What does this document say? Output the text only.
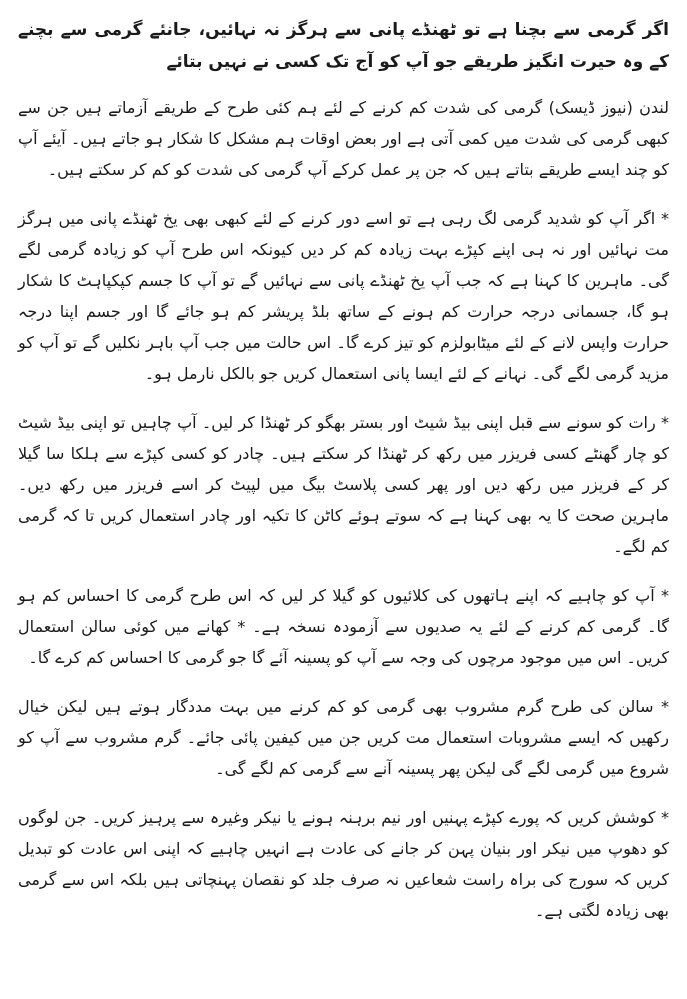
اگر گرمی سے بچنا ہے تو ٹھنڈے پانی سے ہرگز نہ نہائیں، جانئے گرمی سے بچنے کے وہ حیرت انگیز طریقے جو آپ کو آج تک کسی نے نہیں بتائے

لندن (نیوز ڈیسک) گرمی کی شدت کم کرنے کے لئے ہم کئی طرح کے طریقے آزماتے ہیں جن سے کبھی گرمی کی شدت میں کمی آتی ہے اور بعض اوقات ہم مشکل کا شکار ہو جاتے ہیں۔ آیئے آپ کو چند ایسے طریقے بتاتے ہیں کہ جن پر عمل کرکے آپ گرمی کی شدت کو کم کر سکتے ہیں۔

* اگر آپ کو شدید گرمی لگ رہی ہے تو اسے دور کرنے کے لئے کبھی بھی یخ ٹھنڈے پانی میں ہرگز مت نہائیں اور نہ ہی اپنے کپڑے بہت زیادہ کم کر دیں کیونکہ اس طرح آپ کو زیادہ گرمی لگے گی۔ ماہرین کا کہنا ہے کہ جب آپ یخ ٹھنڈے پانی سے نہائیں گے تو آپ کا جسم کپکپاہٹ کا شکار ہو گا، جسمانی درجہ حرارت کم ہونے کے ساتھ بلڈ پریشر کم ہو جائے گا اور جسم اپنا درجہ حرارت واپس لانے کے لئے میٹابولزم کو تیز کرے گا۔ اس حالت میں جب آپ باہر نکلیں گے تو آپ کو مزید گرمی لگے گی۔ نہانے کے لئے ایسا پانی استعمال کریں جو بالکل نارمل ہو۔

* رات کو سونے سے قبل اپنی بیڈ شیٹ اور بستر بھگو کر ٹھنڈا کر لیں۔ آپ چاہیں تو اپنی بیڈ شیٹ کو چار گھنٹے کسی فریزر میں رکھ کر ٹھنڈا کر سکتے ہیں۔ چادر کو کسی کپڑے سے ہلکا سا گیلا کر کے فریزر میں رکھ دیں اور پھر کسی پلاسٹ بیگ میں لپیٹ کر اسے فریزر میں رکھ دیں۔ ماہرین صحت کا یہ بھی کہنا ہے کہ سوتے ہوئے کاٹن کا تکیہ اور چادر استعمال کریں تا کہ گرمی کم لگے۔

* آپ کو چاہیے کہ اپنے ہاتھوں کی کلائیوں کو گیلا کر لیں کہ اس طرح گرمی کا احساس کم ہو گا۔ گرمی کم کرنے کے لئے یہ صدیوں سے آزمودہ نسخہ ہے۔ * کھانے میں کوئی سالن استعمال کریں۔ اس میں موجود مرچوں کی وجہ سے آپ کو پسینہ آئے گا جو گرمی کا احساس کم کرے گا۔

* سالن کی طرح گرم مشروب بھی گرمی کو کم کرنے میں بہت مددگار ہوتے ہیں لیکن خیال رکھیں کہ ایسے مشروبات استعمال مت کریں جن میں کیفین پائی جائے۔ گرم مشروب سے آپ کو شروع میں گرمی لگے گی لیکن پھر پسینہ آنے سے گرمی کم لگے گی۔

* کوشش کریں کہ پورے کپڑے پہنیں اور نیم برہنہ ہونے یا نیکر وغیرہ سے پرہیز کریں۔ جن لوگوں کو دھوپ میں نیکر اور بنیان پہن کر جانے کی عادت ہے انہیں چاہیے کہ اپنی اس عادت کو تبدیل کریں کہ سورج کی براہ راست شعاعیں نہ صرف جلد کو نقصان پہنچاتی ہیں بلکہ اس سے گرمی بھی زیادہ لگتی ہے۔
